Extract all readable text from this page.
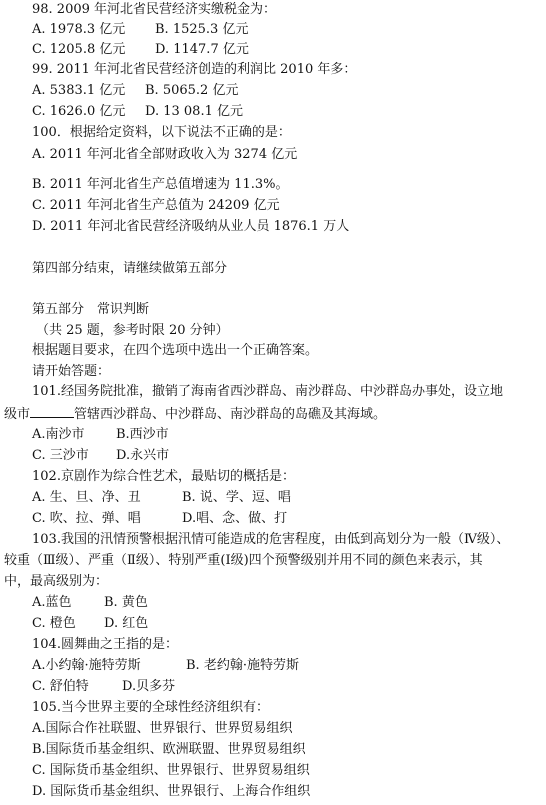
98. 2009 年河北省民营经济实缴税金为：
A. 1978.3 亿元 B. 1525.3 亿元
C. 1205.8 亿元 D. 1147.7 亿元
99. 2011 年河北省民营经济创造的利润比 2010 年多：
A. 5383.1 亿元 B. 5065.2 亿元
C. 1626.0 亿元 D. 13 08.1 亿元
100．根据给定资料，以下说法不正确的是：
A. 2011 年河北省全部财政收入为 3274 亿元
B. 2011 年河北省生产总值增速为 11.3%。
C. 2011 年河北省生产总值为 24209 亿元
D. 2011 年河北省民营经济吸纳从业人员 1876.1 万人
第四部分结束，请继续做第五部分
第五部分　常识判断
（共 25 题，参考时限 20 分钟）
根据题目要求，在四个选项中选出一个正确答案。
请开始答题：
101.经国务院批准，撤销了海南省西沙群岛、南沙群岛、中沙群岛办事处，设立地
级市	管辖西沙群岛、中沙群岛、南沙群岛的岛礁及其海域。
A.南沙市 B.西沙市
C. 三沙市 D.永兴市
102.京剧作为综合性艺术，最贴切的概括是：
A. 生、旦、净、丑	B. 说、学、逗、唱
C. 吹、拉、弹、唱	D.唱、念、做、打
103.我国的汛情预警根据汛情可能造成的危害程度，由低到高划分为一般（Ⅳ级）、
较重（Ⅲ级）、严重（Ⅱ级）、特别严重(Ⅰ级)四个预警级别并用不同的颜色来表示，其
中，最高级别为：
A.蓝色 B. 黄色
C. 橙色 D. 红色
104.圆舞曲之王指的是：
A.小约翰·施特劳斯	B. 老约翰·施特劳斯
C. 舒伯特	D.贝多芬
105.当今世界主要的全球性经济组织有：
A.国际合作社联盟、世界银行、世界贸易组织
B.国际货币基金组织、欧洲联盟、世界贸易组织
C. 国际货币基金组织、世界银行、世界贸易组织
D. 国际货币基金组织、世界银行、上海合作组织
